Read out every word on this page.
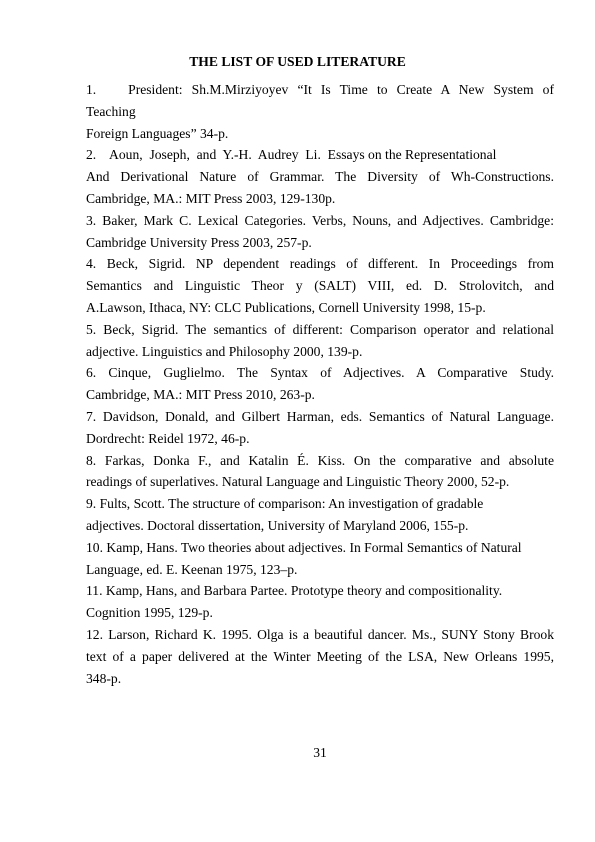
THE LIST OF USED LITERATURE
1.       President:  Sh.M.Mirziyoyev  “It  Is  Time  to  Create  A  New  System  of
Teaching
Foreign Languages” 34-p.
2.    Aoun,  Joseph,  and  Y.-H.  Audrey  Li.  Essays on the Representational
And Derivational Nature of Grammar. The Diversity of Wh-Constructions.
Cambridge, MA.: MIT Press 2003, 129-130p.
3. Baker, Mark C. Lexical Categories. Verbs, Nouns, and Adjectives. Cambridge:
Cambridge University Press 2003, 257-p.
4. Beck, Sigrid. NP dependent readings of different. In Proceedings from
Semantics and Linguistic Theor y (SALT) VIII, ed. D. Strolovitch, and
A.Lawson, Ithaca, NY: CLC Publications, Cornell University 1998, 15-p.
5. Beck, Sigrid. The semantics of different: Comparison operator and relational
adjective. Linguistics and Philosophy 2000, 139-p.
6. Cinque, Guglielmo. The Syntax of Adjectives. A Comparative Study.
Cambridge, MA.: MIT Press 2010, 263-p.
7. Davidson, Donald, and Gilbert Harman, eds. Semantics of Natural Language.
Dordrecht: Reidel 1972, 46-p.
8. Farkas, Donka F., and Katalin É. Kiss. On the comparative and absolute
readings of superlatives. Natural Language and Linguistic Theory 2000, 52-p.
9. Fults, Scott. The structure of comparison: An investigation of gradable
adjectives. Doctoral dissertation, University of Maryland 2006, 155-p.
10. Kamp, Hans. Two theories about adjectives. In Formal Semantics of Natural
Language, ed. E. Keenan 1975, 123–p.
11. Kamp, Hans, and Barbara Partee. Prototype theory and compositionality.
Cognition 1995, 129-p.
12. Larson, Richard K. 1995. Olga is a beautiful dancer. Ms., SUNY Stony Brook
text of a paper delivered at the Winter Meeting of the LSA, New Orleans 1995,
348-p.
31
